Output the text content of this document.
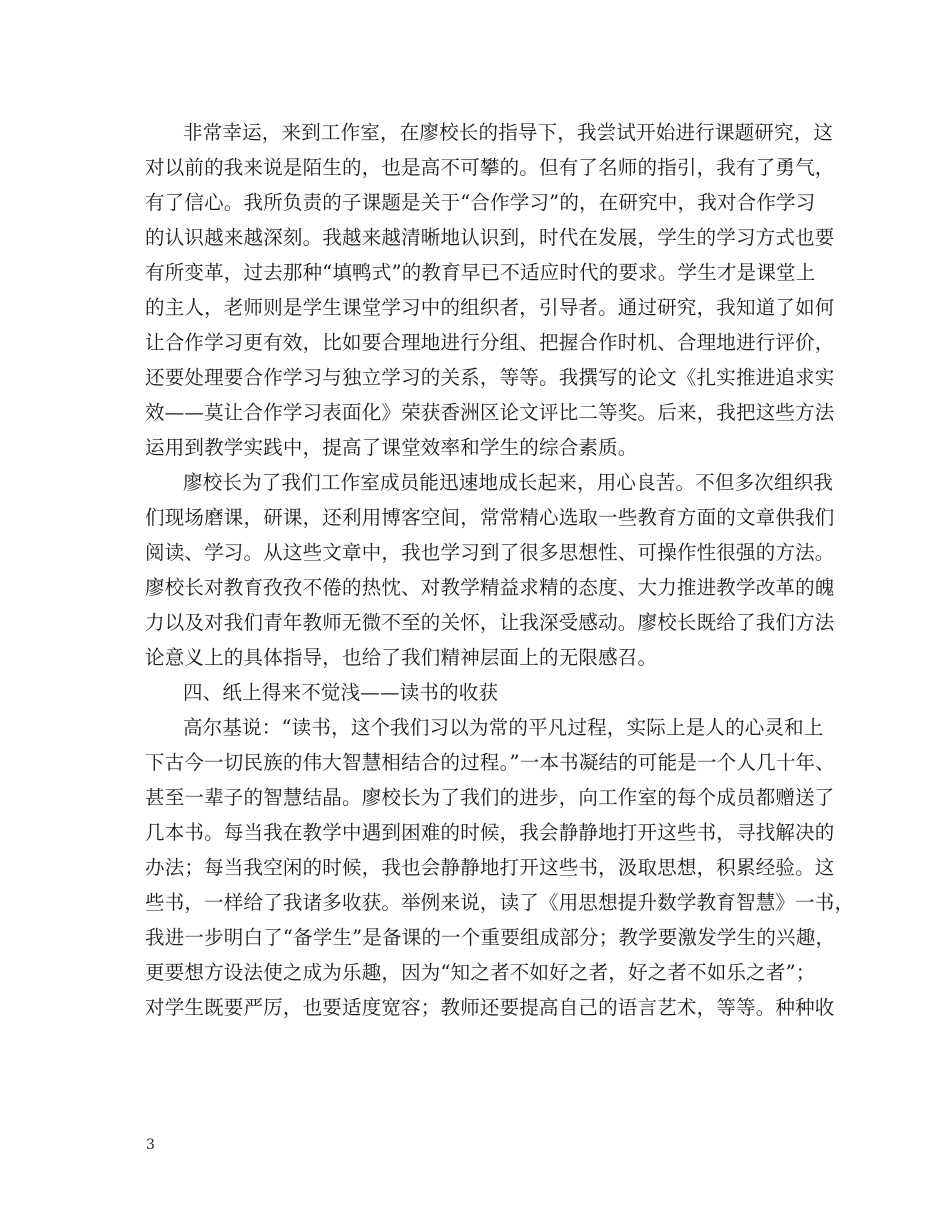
非常幸运，来到工作室，在廖校长的指导下，我尝试开始进行课题研究，这
对以前的我来说是陌生的，也是高不可攀的。但有了名师的指引，我有了勇气，
有了信心。我所负责的子课题是关于“合作学习”的，在研究中，我对合作学习
的认识越来越深刻。我越来越清晰地认识到，时代在发展，学生的学习方式也要
有所变革，过去那种“填鸭式”的教育早已不适应时代的要求。学生才是课堂上
的主人，老师则是学生课堂学习中的组织者，引导者。通过研究，我知道了如何
让合作学习更有效，比如要合理地进行分组、把握合作时机、合理地进行评价，
还要处理要合作学习与独立学习的关系，等等。我撰写的论文《扎实推进追求实
效——莫让合作学习表面化》荣获香洲区论文评比二等奖。后来，我把这些方法
运用到教学实践中，提高了课堂效率和学生的综合素质。
廖校长为了我们工作室成员能迅速地成长起来，用心良苦。不但多次组织我
们现场磨课，研课，还利用博客空间，常常精心选取一些教育方面的文章供我们
阅读、学习。从这些文章中，我也学习到了很多思想性、可操作性很强的方法。
廖校长对教育孜孜不倦的热忱、对教学精益求精的态度、大力推进教学改革的魄
力以及对我们青年教师无微不至的关怀，让我深受感动。廖校长既给了我们方法
论意义上的具体指导，也给了我们精神层面上的无限感召。
四、纸上得来不觉浅——读书的收获
高尔基说：“读书，这个我们习以为常的平凡过程，实际上是人的心灵和上
下古今一切民族的伟大智慧相结合的过程。”一本书凝结的可能是一个人几十年、
甚至一辈子的智慧结晶。廖校长为了我们的进步，向工作室的每个成员都赠送了
几本书。每当我在教学中遇到困难的时候，我会静静地打开这些书，寻找解决的
办法；每当我空闲的时候，我也会静静地打开这些书，汲取思想，积累经验。这
些书，一样给了我诸多收获。举例来说，读了《用思想提升数学教育智慧》一书，
我进一步明白了“备学生”是备课的一个重要组成部分；教学要激发学生的兴趣，
更要想方设法使之成为乐趣，因为“知之者不如好之者，好之者不如乐之者”；
对学生既要严厉，也要适度宽容；教师还要提高自己的语言艺术，等等。种种收
3
